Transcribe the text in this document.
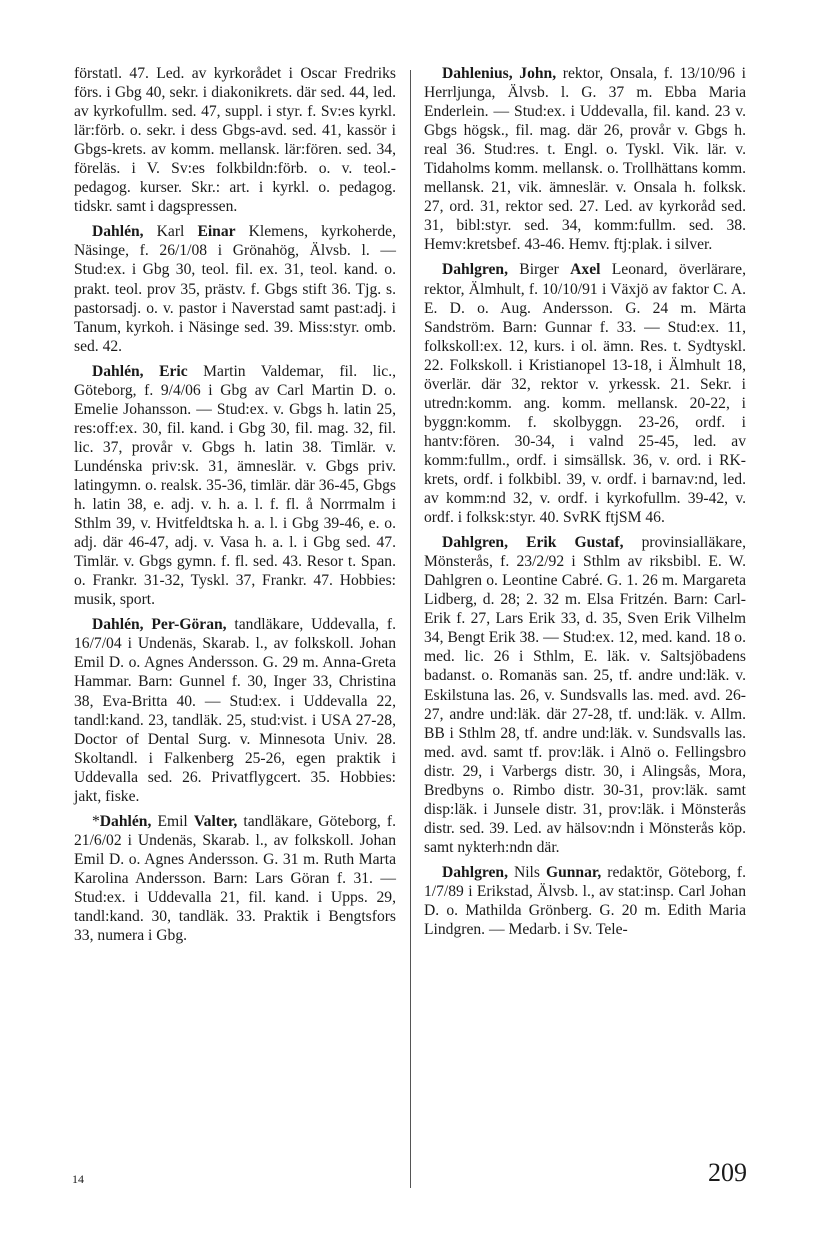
förstatl. 47. Led. av kyrkorådet i Oscar Fredriks förs. i Gbg 40, sekr. i diakonikrets. där sed. 44, led. av kyrkofullm. sed. 47, suppl. i styr. f. Sv:es kyrkl. lär:förb. o. sekr. i dess Gbgs-avd. sed. 41, kassör i Gbgs-krets. av komm. mellansk. lär:fören. sed. 34, föreläs. i V. Sv:es folkbildn:förb. o. v. teol.-pedagog. kurser. Skr.: art. i kyrkl. o. pedagog. tidskr. samt i dagspressen.

Dahlén, Karl Einar Klemens, kyrkoherde, Näsinge, f. 26/1/08 i Grönahög, Älvsb. l. — Stud:ex. i Gbg 30, teol. fil. ex. 31, teol. kand. o. prakt. teol. prov 35, prästv. f. Gbgs stift 36. Tjg. s. pastorsadj. o. v. pastor i Naverstad samt past:adj. i Tanum, kyrkoh. i Näsinge sed. 39. Miss:styr. omb. sed. 42.

Dahlén, Eric Martin Valdemar, fil. lic., Göteborg, f. 9/4/06 i Gbg av Carl Martin D. o. Emelie Johansson. — Stud:ex. v. Gbgs h. latin 25, res:off:ex. 30, fil. kand. i Gbg 30, fil. mag. 32, fil. lic. 37, provår v. Gbgs h. latin 38. Timlär. v. Lundénska priv:sk. 31, ämneslär. v. Gbgs priv. latingymn. o. realsk. 35-36, timlär. där 36-45, Gbgs h. latin 38, e. adj. v. h. a. l. f. fl. å Norrmalm i Sthlm 39, v. Hvitfeldtska h. a. l. i Gbg 39-46, e. o. adj. där 46-47, adj. v. Vasa h. a. l. i Gbg sed. 47. Timlär. v. Gbgs gymn. f. fl. sed. 43. Resor t. Span. o. Frankr. 31-32, Tyskl. 37, Frankr. 47. Hobbies: musik, sport.

Dahlén, Per-Göran, tandläkare, Uddevalla, f. 16/7/04 i Undenäs, Skarab. l., av folkskoll. Johan Emil D. o. Agnes Andersson. G. 29 m. Anna-Greta Hammar. Barn: Gunnel f. 30, Inger 33, Christina 38, Eva-Britta 40. — Stud:ex. i Uddevalla 22, tandl:kand. 23, tandläk. 25, stud:vist. i USA 27-28, Doctor of Dental Surg. v. Minnesota Univ. 28. Skoltandl. i Falkenberg 25-26, egen praktik i Uddevalla sed. 26. Privatflygcert. 35. Hobbies: jakt, fiske.

*Dahlén, Emil Valter, tandläkare, Göteborg, f. 21/6/02 i Undenäs, Skarab. l., av folkskoll. Johan Emil D. o. Agnes Andersson. G. 31 m. Ruth Marta Karolina Andersson. Barn: Lars Göran f. 31. — Stud:ex. i Uddevalla 21, fil. kand. i Upps. 29, tandl:kand. 30, tandläk. 33. Praktik i Bengtsfors 33, numera i Gbg.

Dahlenius, John, rektor, Onsala, f. 13/10/96 i Herrljunga, Älvsb. l. G. 37 m. Ebba Maria Enderlein. — Stud:ex. i Uddevalla, fil. kand. 23 v. Gbgs högsk., fil. mag. där 26, provår v. Gbgs h. real 36. Stud:res. t. Engl. o. Tyskl. Vik. lär. v. Tidaholms komm. mellansk. o. Trollhättans komm. mellansk. 21, vik. ämneslär. v. Onsala h. folksk. 27, ord. 31, rektor sed. 27. Led. av kyrkoråd sed. 31, bibl:styr. sed. 34, komm:fullm. sed. 38. Hemv:kretsbef. 43-46. Hemv. ftj:plak. i silver.

Dahlgren, Birger Axel Leonard, överlärare, rektor, Älmhult, f. 10/10/91 i Växjö av faktor C. A. E. D. o. Aug. Andersson. G. 24 m. Märta Sandström. Barn: Gunnar f. 33. — Stud:ex. 11, folkskoll:ex. 12, kurs. i ol. ämn. Res. t. Sydtyskl. 22. Folkskoll. i Kristianopel 13-18, i Älmhult 18, överlär. där 32, rektor v. yrkessk. 21. Sekr. i utredn:komm. ang. komm. mellansk. 20-22, i byggn:komm. f. skolbyggn. 23-26, ordf. i hantv:fören. 30-34, i valnd 25-45, led. av komm:fullm., ordf. i simsällsk. 36, v. ord. i RK-krets, ordf. i folkbibl. 39, v. ordf. i barnav:nd, led. av komm:nd 32, v. ordf. i kyrkofullm. 39-42, v. ordf. i folksk:styr. 40. SvRK ftjSM 46.

Dahlgren, Erik Gustaf, provinsialläkare, Mönsterås, f. 23/2/92 i Sthlm av riksbibl. E. W. Dahlgren o. Leontine Cabré. G. 1. 26 m. Margareta Lidberg, d. 28; 2. 32 m. Elsa Fritzén. Barn: Carl-Erik f. 27, Lars Erik 33, d. 35, Sven Erik Vilhelm 34, Bengt Erik 38. — Stud:ex. 12, med. kand. 18 o. med. lic. 26 i Sthlm, E. läk. v. Saltsjöbadens badanst. o. Romanäs san. 25, tf. andre und:läk. v. Eskilstuna las. 26, v. Sundsvalls las. med. avd. 26-27, andre und:läk. där 27-28, tf. und:läk. v. Allm. BB i Sthlm 28, tf. andre und:läk. v. Sundsvalls las. med. avd. samt tf. prov:läk. i Alnö o. Fellingsbro distr. 29, i Varbergs distr. 30, i Alingsås, Mora, Bredbyns o. Rimbo distr. 30-31, prov:läk. samt disp:läk. i Junsele distr. 31, prov:läk. i Mönsterås distr. sed. 39. Led. av hälsov:ndn i Mönsterås köp. samt nykterh:ndn där.

Dahlgren, Nils Gunnar, redaktör, Göteborg, f. 1/7/89 i Erikstad, Älvsb. l., av stat:insp. Carl Johan D. o. Mathilda Grönberg. G. 20 m. Edith Maria Lindgren. — Medarb. i Sv. Tele-

14	209
